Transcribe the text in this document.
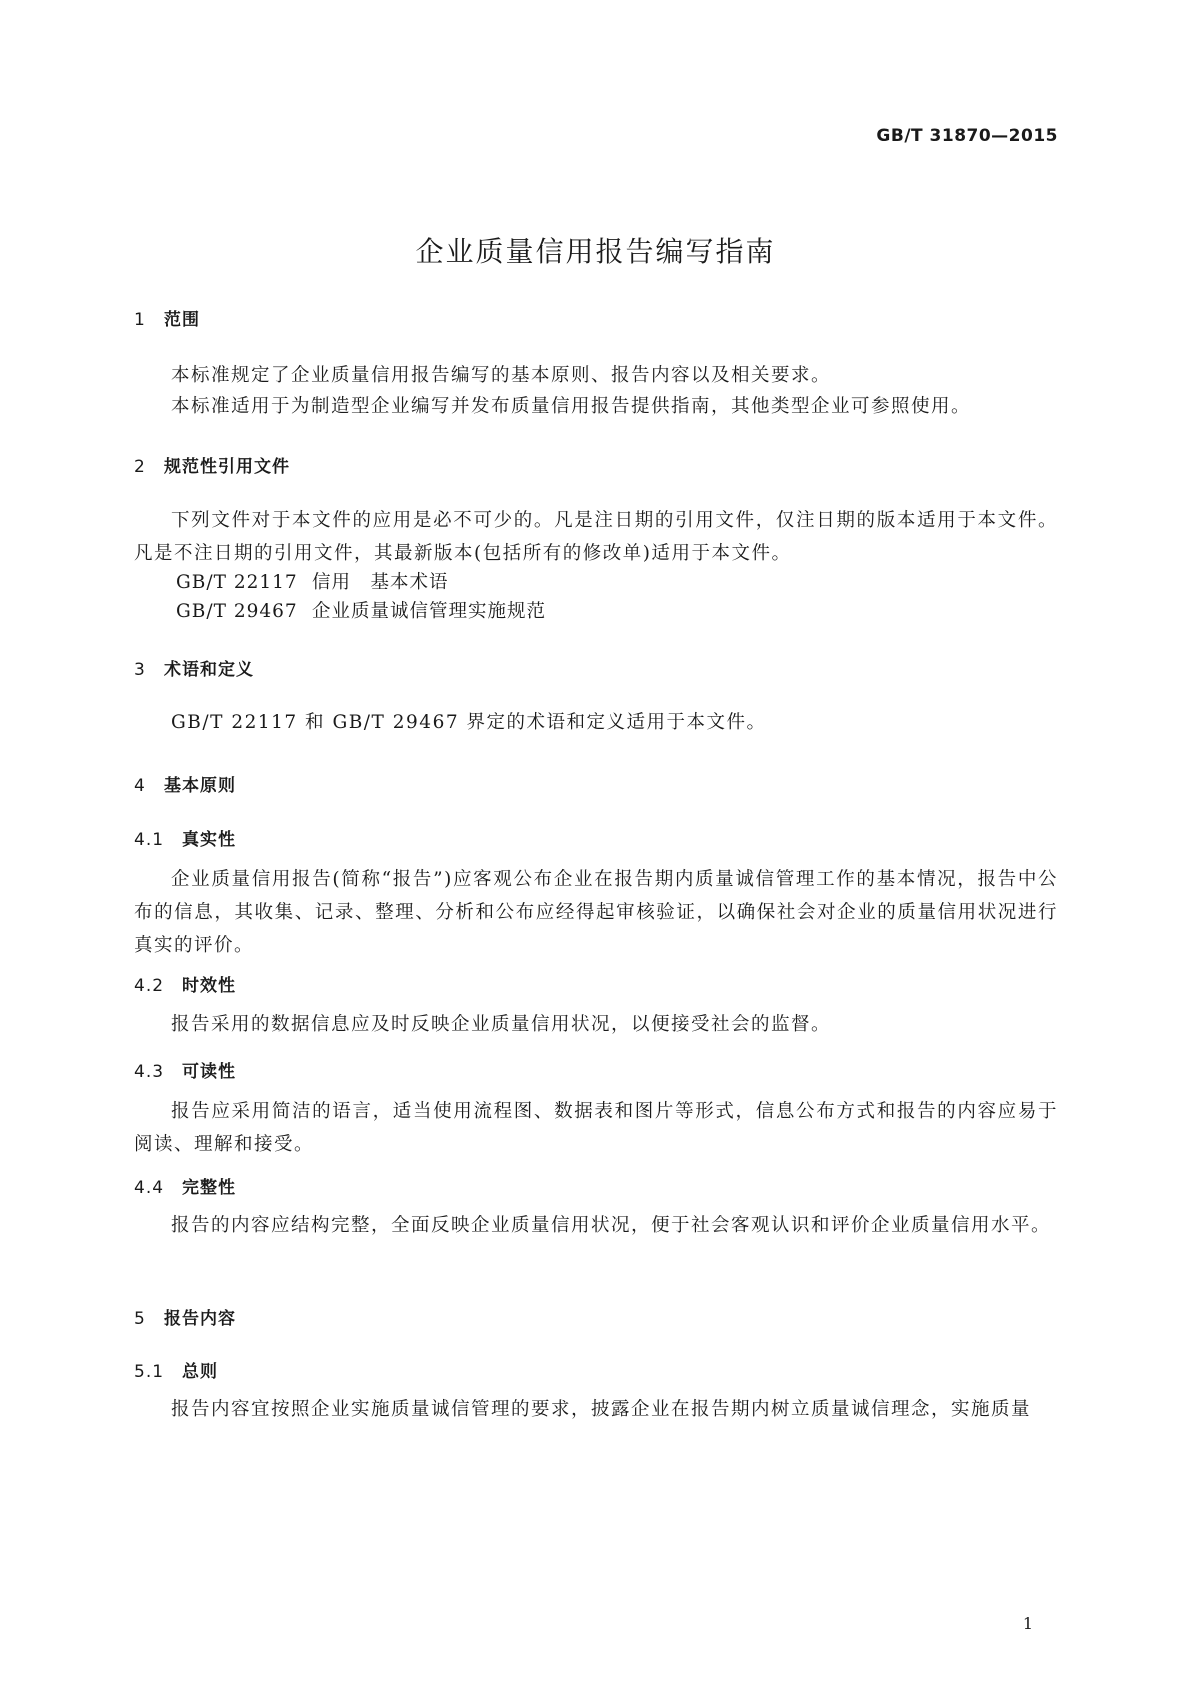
GB/T 31870—2015
企业质量信用报告编写指南
1 范围

本标准规定了企业质量信用报告编写的基本原则、报告内容以及相关要求。

本标准适用于为制造型企业编写并发布质量信用报告提供指南，其他类型企业可参照使用。

2 规范性引用文件

下列文件对于本文件的应用是必不可少的。凡是注日期的引用文件，仅注日期的版本适用于本文件。凡是不注日期的引用文件，其最新版本(包括所有的修改单)适用于本文件。

GB/T 22117 信用　基本术语
GB/T 29467 企业质量诚信管理实施规范
3 术语和定义

GB/T 22117 和 GB/T 29467 界定的术语和定义适用于本文件。

4 基本原则
4.1 真实性

企业质量信用报告(简称“报告”)应客观公布企业在报告期内质量诚信管理工作的基本情况，报告中公布的信息，其收集、记录、整理、分析和公布应经得起审核验证，以确保社会对企业的质量信用状况进行真实的评价。

4.2 时效性

报告采用的数据信息应及时反映企业质量信用状况，以便接受社会的监督。

4.3 可读性

报告应采用简洁的语言，适当使用流程图、数据表和图片等形式，信息公布方式和报告的内容应易于阅读、理解和接受。

4.4 完整性

报告的内容应结构完整，全面反映企业质量信用状况，便于社会客观认识和评价企业质量信用水平。

5 报告内容
5.1 总则

报告内容宜按照企业实施质量诚信管理的要求，披露企业在报告期内树立质量诚信理念，实施质量

1
